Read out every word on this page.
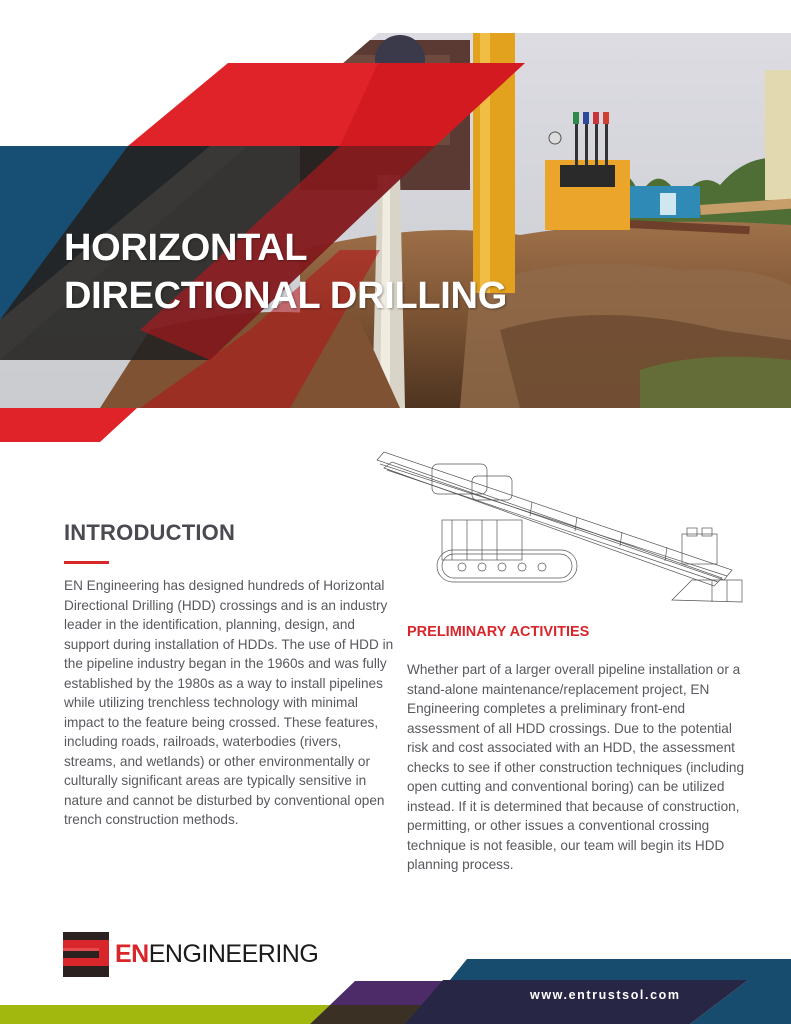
HORIZONTAL
DIRECTIONAL DRILLING
INTRODUCTION

EN Engineering has designed hundreds of Horizontal Directional Drilling (HDD) crossings and is an industry leader in the identification, planning, design, and support during installation of HDDs. The use of HDD in the pipeline industry began in the 1960s and was fully established by the 1980s as a way to install pipelines while utilizing trenchless technology with minimal impact to the feature being crossed. These features, including roads, railroads, waterbodies (rivers, streams, and wetlands) or other environmentally or culturally significant areas are typically sensitive in nature and cannot be disturbed by conventional open trench construction methods.

PRELIMINARY ACTIVITIES

Whether part of a larger overall pipeline installation or a stand-alone maintenance/replacement project, EN Engineering completes a preliminary front-end assessment of all HDD crossings. Due to the potential risk and cost associated with an HDD, the assessment checks to see if other construction techniques (including open cutting and conventional boring) can be utilized instead. If it is determined that because of construction, permitting, or other issues a conventional crossing technique is not feasible, our team will begin its HDD planning process.

ENENGINEERING
www.entrustsol.com
